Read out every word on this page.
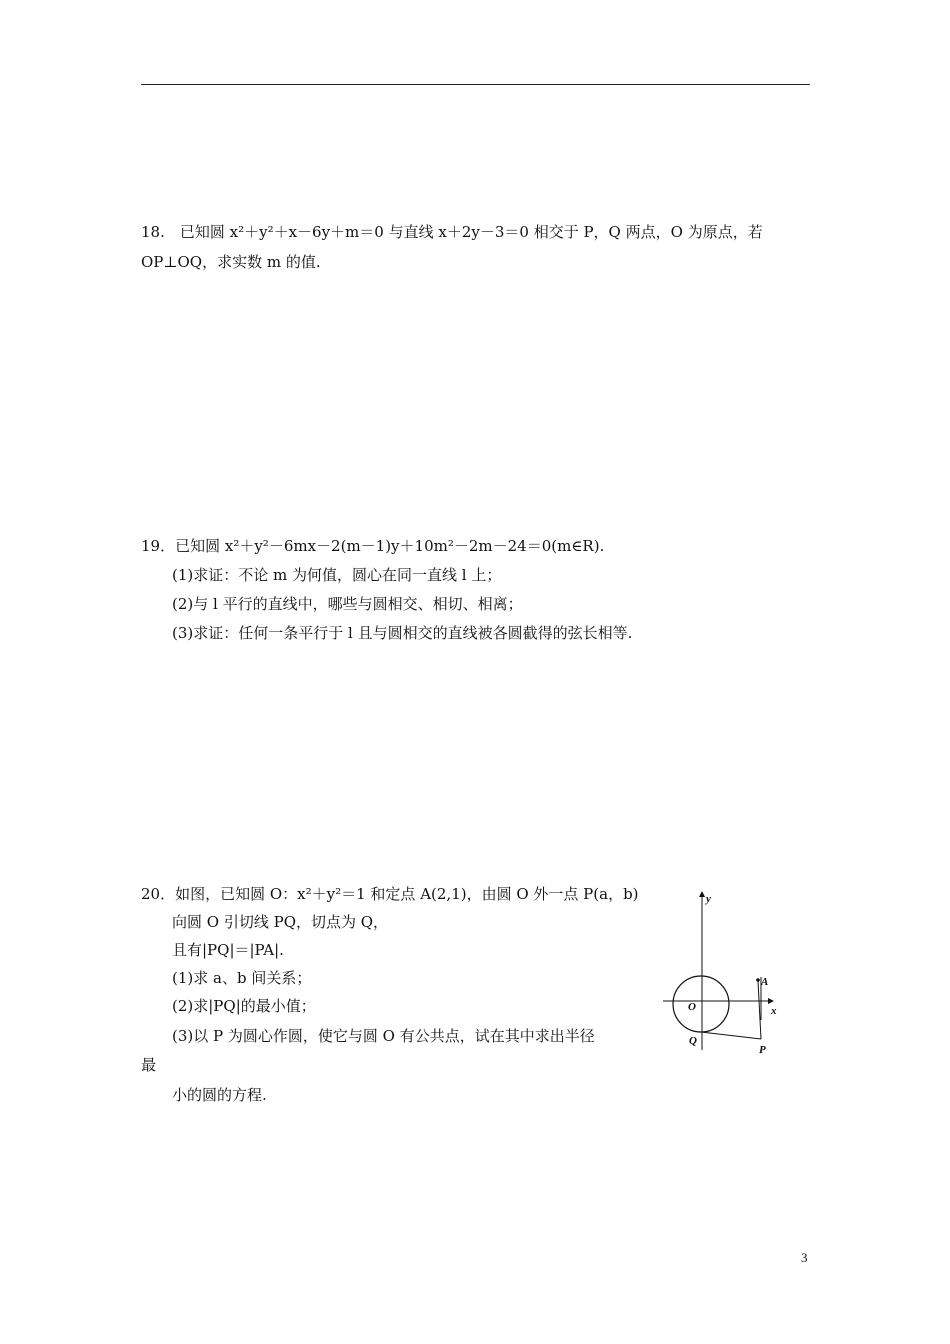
18.　已知圆 x²＋y²＋x－6y＋m＝0 与直线 x＋2y－3＝0 相交于 P，Q 两点，O 为原点，若
OP⊥OQ，求实数 m 的值.
19．已知圆 x²＋y²－6mx－2(m－1)y＋10m²－2m－24＝0(m∈R).
(1)求证：不论 m 为何值，圆心在同一直线 l 上；
(2)与 l 平行的直线中，哪些与圆相交、相切、相离；
(3)求证：任何一条平行于 l 且与圆相交的直线被各圆截得的弦长相等.
20．如图，已知圆 O：x²＋y²＝1 和定点 A(2,1)，由圆 O 外一点 P(a，b)
向圆 O 引切线 PQ，切点为 Q，
且有|PQ|＝|PA|.
(1)求 a、b 间关系；
(2)求|PQ|的最小值；
(3)以 P 为圆心作圆，使它与圆 O 有公共点，试在其中求出半径
最
小的圆的方程.
y
x
O
A
Q
P
3
